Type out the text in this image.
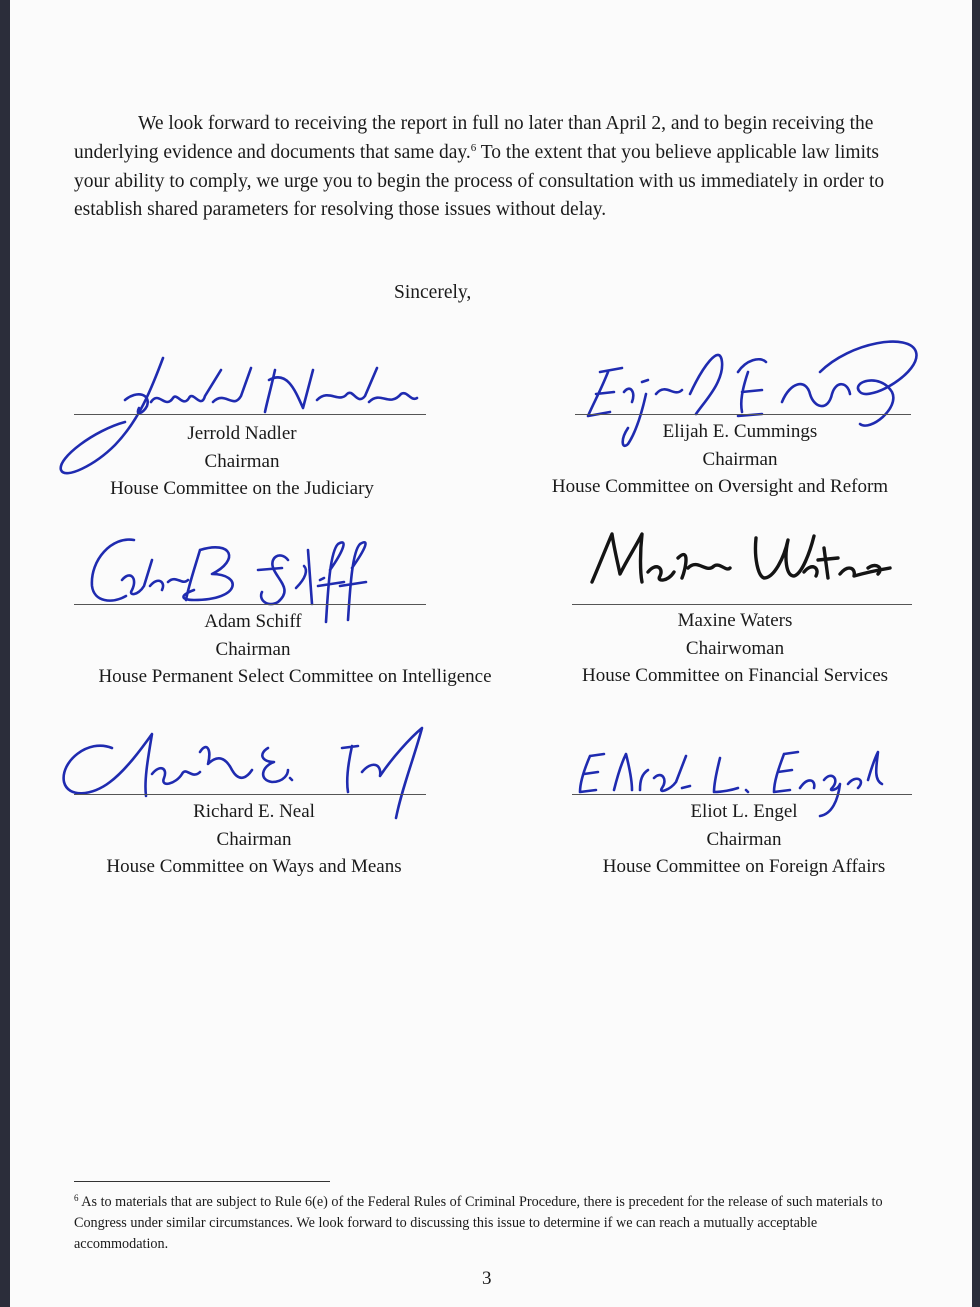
We look forward to receiving the report in full no later than April 2, and to begin receiving the underlying evidence and documents that same day.$^6$ To the extent that you believe applicable law limits your ability to comply, we urge you to begin the process of consultation with us immediately in order to establish shared parameters for resolving those issues without delay.

Sincerely,
Jerrold Nadler
Chairman
House Committee on the Judiciary
Elijah E. Cummings
Chairman
House Committee on Oversight and Reform
Adam Schiff
Chairman
House Permanent Select Committee on Intelligence
Maxine Waters
Chairwoman
House Committee on Financial Services
Richard E. Neal
Chairman
House Committee on Ways and Means
Eliot L. Engel
Chairman
House Committee on Foreign Affairs

$^6$ As to materials that are subject to Rule 6(e) of the Federal Rules of Criminal Procedure, there is precedent for the release of such materials to Congress under similar circumstances. We look forward to discussing this issue to determine if we can reach a mutually acceptable accommodation.

3
